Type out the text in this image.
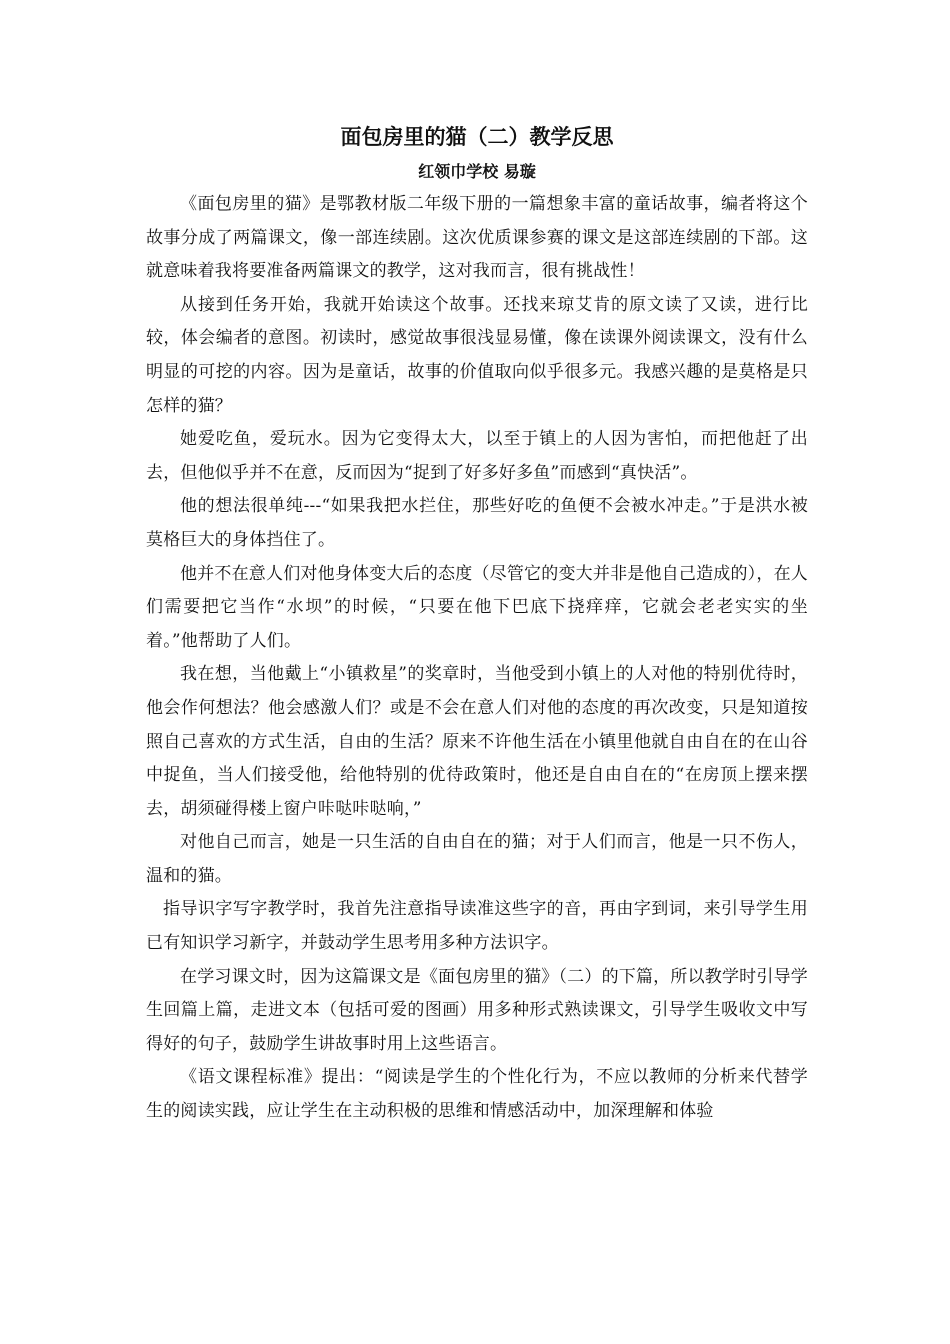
面包房里的猫（二）教学反思
红领巾学校 易璇

《面包房里的猫》是鄂教材版二年级下册的一篇想象丰富的童话故事，编者将这个故事分成了两篇课文，像一部连续剧。这次优质课参赛的课文是这部连续剧的下部。这就意味着我将要准备两篇课文的教学，这对我而言，很有挑战性！

从接到任务开始，我就开始读这个故事。还找来琼艾肯的原文读了又读，进行比较，体会编者的意图。初读时，感觉故事很浅显易懂，像在读课外阅读课文，没有什么明显的可挖的内容。因为是童话，故事的价值取向似乎很多元。我感兴趣的是莫格是只怎样的猫？

她爱吃鱼，爱玩水。因为它变得太大，以至于镇上的人因为害怕，而把他赶了出去，但他似乎并不在意，反而因为“捉到了好多好多鱼”而感到“真快活”。

他的想法很单纯---“如果我把水拦住，那些好吃的鱼便不会被水冲走。”于是洪水被莫格巨大的身体挡住了。

他并不在意人们对他身体变大后的态度（尽管它的变大并非是他自己造成的），在人们需要把它当作“水坝”的时候，“只要在他下巴底下挠痒痒，它就会老老实实的坐着。”他帮助了人们。

我在想，当他戴上“小镇救星”的奖章时，当他受到小镇上的人对他的特别优待时，他会作何想法？他会感激人们？或是不会在意人们对他的态度的再次改变，只是知道按照自己喜欢的方式生活，自由的生活？原来不许他生活在小镇里他就自由自在的在山谷中捉鱼，当人们接受他，给他特别的优待政策时，他还是自由自在的“在房顶上摆来摆去，胡须碰得楼上窗户咔哒咔哒响，”

对他自己而言，她是一只生活的自由自在的猫；对于人们而言，他是一只不伤人，温和的猫。

指导识字写字教学时，我首先注意指导读准这些字的音，再由字到词，来引导学生用已有知识学习新字，并鼓动学生思考用多种方法识字。

在学习课文时，因为这篇课文是《面包房里的猫》（二）的下篇，所以教学时引导学生回篇上篇，走进文本（包括可爱的图画）用多种形式熟读课文，引导学生吸收文中写得好的句子，鼓励学生讲故事时用上这些语言。

《语文课程标准》提出：“阅读是学生的个性化行为，不应以教师的分析来代替学生的阅读实践，应让学生在主动积极的思维和情感活动中，加深理解和体验
